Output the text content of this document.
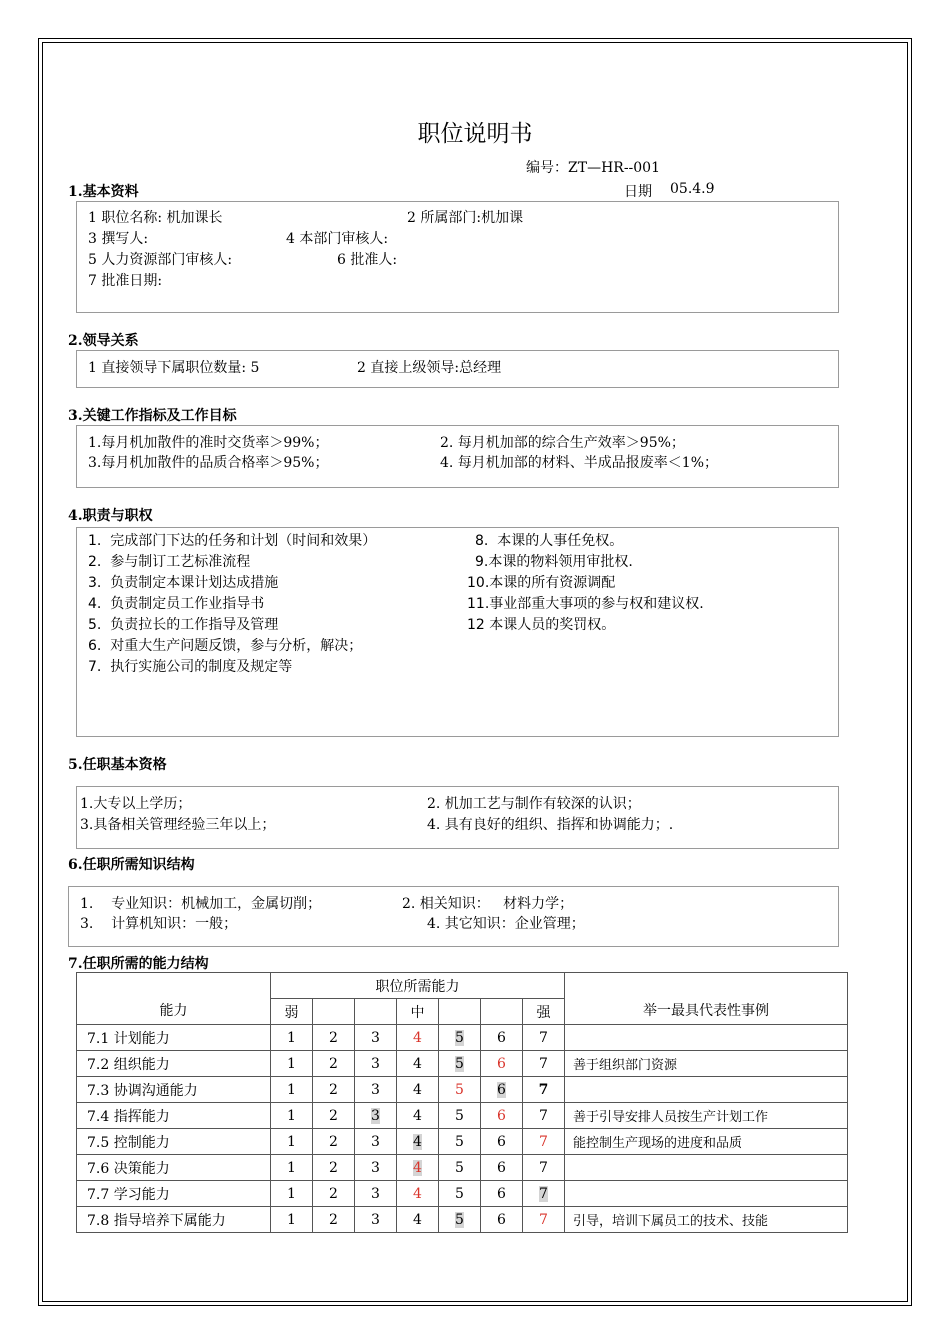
职位说明书
编号：ZT—HR--001
日期 05.4.9
1.基本资料
1 职位名称: 机加课长	2 所属部门:机加课
3 撰写人:	4 本部门审核人:
5 人力资源部门审核人:	6 批准人:
7 批准日期:
2.领导关系
1 直接领导下属职位数量: 5	2 直接上级领导:总经理
3.关键工作指标及工作目标
1.每月机加散件的准时交货率＞99%；	2. 每月机加部的综合生产效率＞95%；
3.每月机加散件的品质合格率＞95%；	4. 每月机加部的材料、半成品报废率＜1%；
4.职责与职权
1. 完成部门下达的任务和计划（时间和效果）
2. 参与制订工艺标准流程
3. 负责制定本课计划达成措施
4. 负责制定员工作业指导书
5. 负责拉长的工作指导及管理
6. 对重大生产问题反馈，参与分析，解决；
7. 执行实施公司的制度及规定等
8. 本课的人事任免权。
9.本课的物料领用审批权.
10.本课的所有资源调配
11.事业部重大事项的参与权和建议权.
12 本课人员的奖罚权。
5.任职基本资格
1.大专以上学历；	2. 机加工艺与制作有较深的认识；
3.具备相关管理经验三年以上；	4. 具有良好的组织、指挥和协调能力；.
6.任职所需知识结构
1.    专业知识：机械加工，金属切削；	2. 相关知识：   材料力学；
3.    计算机知识：一般；	4. 其它知识：企业管理；
7.任职所需的能力结构
能力	职位所需能力							举一最具代表性事例
	弱			中			强	
7.1 计划能力	1	2	3	4	5	6	7	
7.2 组织能力	1	2	3	4	5	6	7	善于组织部门资源
7.3 协调沟通能力	1	2	3	4	5	6	7	
7.4 指挥能力	1	2	3	4	5	6	7	善于引导安排人员按生产计划工作
7.5 控制能力	1	2	3	4	5	6	7	能控制生产现场的进度和品质
7.6 决策能力	1	2	3	4	5	6	7	
7.7 学习能力	1	2	3	4	5	6	7	
7.8 指导培养下属能力	1	2	3	4	5	6	7	引导，培训下属员工的技术、技能
